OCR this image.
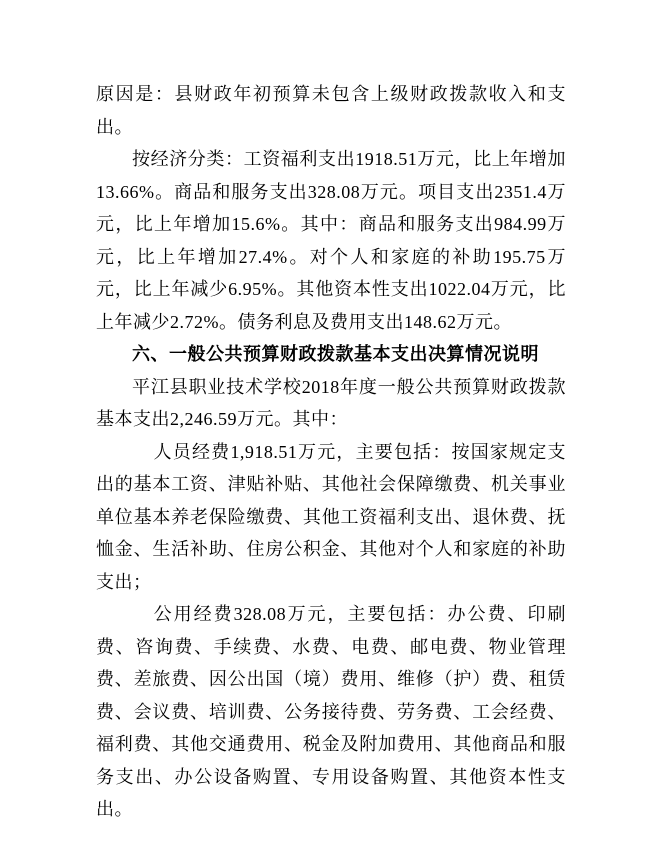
原因是：县财政年初预算未包含上级财政拨款收入和支出。

按经济分类：工资福利支出1918.51万元，比上年增加13.66%。商品和服务支出328.08万元。项目支出2351.4万元，比上年增加15.6%。其中：商品和服务支出984.99万元，比上年增加27.4%。对个人和家庭的补助195.75万元，比上年减少6.95%。其他资本性支出1022.04万元，比上年减少2.72%。债务利息及费用支出148.62万元。

六、一般公共预算财政拨款基本支出决算情况说明

平江县职业技术学校2018年度一般公共预算财政拨款基本支出2,246.59万元。其中：

人员经费1,918.51万元，主要包括：按国家规定支出的基本工资、津贴补贴、其他社会保障缴费、机关事业单位基本养老保险缴费、其他工资福利支出、退休费、抚恤金、生活补助、住房公积金、其他对个人和家庭的补助支出；

公用经费328.08万元，主要包括：办公费、印刷费、咨询费、手续费、水费、电费、邮电费、物业管理费、差旅费、因公出国（境）费用、维修（护）费、租赁费、会议费、培训费、公务接待费、劳务费、工会经费、福利费、其他交通费用、税金及附加费用、其他商品和服务支出、办公设备购置、专用设备购置、其他资本性支出。
